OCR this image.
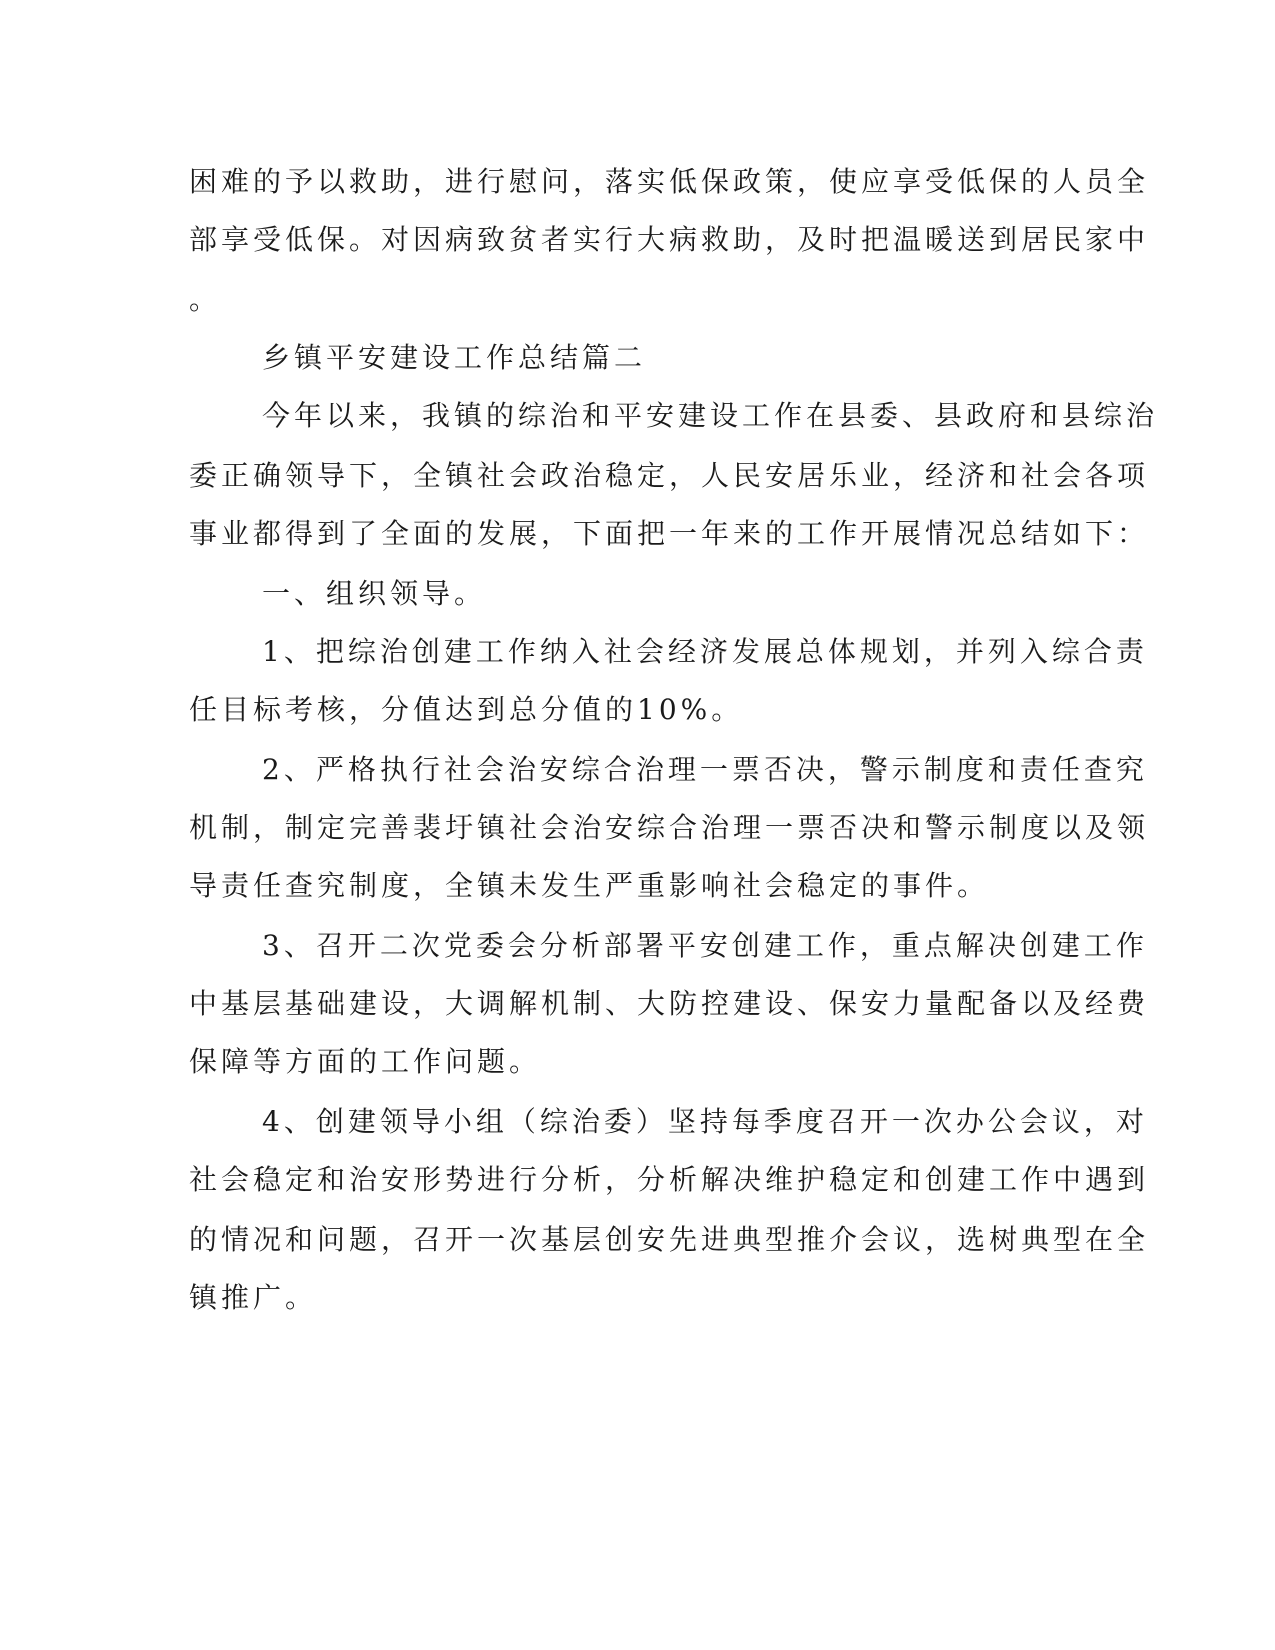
困难的予以救助，进行慰问，落实低保政策，使应享受低保的人员全
部享受低保。对因病致贫者实行大病救助，及时把温暖送到居民家中
。
乡镇平安建设工作总结篇二
今年以来，我镇的综治和平安建设工作在县委、县政府和县综治
委正确领导下，全镇社会政治稳定，人民安居乐业，经济和社会各项
事业都得到了全面的发展，下面把一年来的工作开展情况总结如下：
一、组织领导。
1、把综治创建工作纳入社会经济发展总体规划，并列入综合责
任目标考核，分值达到总分值的10%。
2、严格执行社会治安综合治理一票否决，警示制度和责任查究
机制，制定完善裴圩镇社会治安综合治理一票否决和警示制度以及领
导责任查究制度，全镇未发生严重影响社会稳定的事件。
3、召开二次党委会分析部署平安创建工作，重点解决创建工作
中基层基础建设，大调解机制、大防控建设、保安力量配备以及经费
保障等方面的工作问题。
4、创建领导小组（综治委）坚持每季度召开一次办公会议，对
社会稳定和治安形势进行分析，分析解决维护稳定和创建工作中遇到
的情况和问题，召开一次基层创安先进典型推介会议，选树典型在全
镇推广。
